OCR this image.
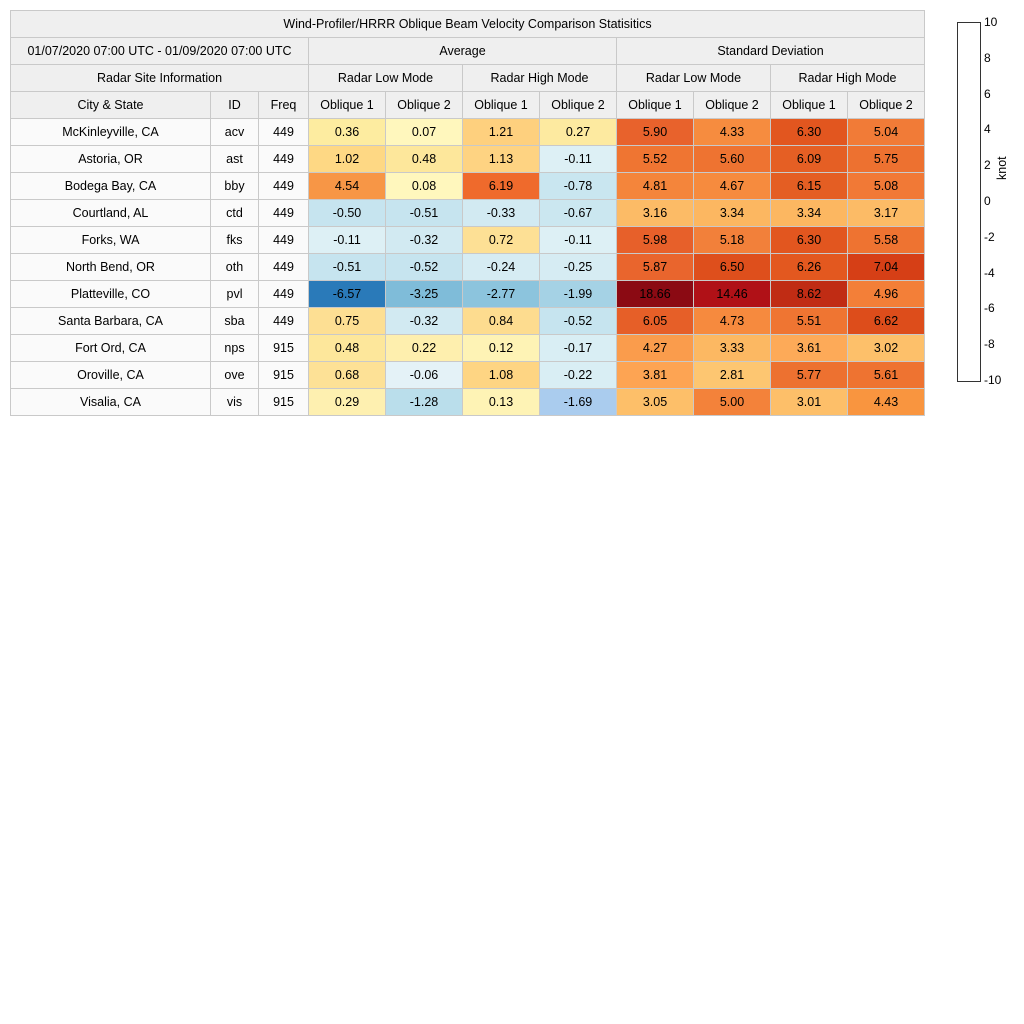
Wind-Profiler/HRRR Oblique Beam Velocity Comparison Statisitics										
01/07/2020 07:00 UTC - 01/09/2020 07:00 UTC			Average				Standard Deviation			
Radar Site Information			Radar Low Mode		Radar High Mode		Radar Low Mode		Radar High Mode	
City & State	ID	Freq	Oblique 1	Oblique 2	Oblique 1	Oblique 2	Oblique 1	Oblique 2	Oblique 1	Oblique 2
McKinleyville, CA	acv	449	0.36	0.07	1.21	0.27	5.90	4.33	6.30	5.04
Astoria, OR	ast	449	1.02	0.48	1.13	-0.11	5.52	5.60	6.09	5.75
Bodega Bay, CA	bby	449	4.54	0.08	6.19	-0.78	4.81	4.67	6.15	5.08
Courtland, AL	ctd	449	-0.50	-0.51	-0.33	-0.67	3.16	3.34	3.34	3.17
Forks, WA	fks	449	-0.11	-0.32	0.72	-0.11	5.98	5.18	6.30	5.58
North Bend, OR	oth	449	-0.51	-0.52	-0.24	-0.25	5.87	6.50	6.26	7.04
Platteville, CO	pvl	449	-6.57	-3.25	-2.77	-1.99	18.66	14.46	8.62	4.96
Santa Barbara, CA	sba	449	0.75	-0.32	0.84	-0.52	6.05	4.73	5.51	6.62
Fort Ord, CA	nps	915	0.48	0.22	0.12	-0.17	4.27	3.33	3.61	3.02
Oroville, CA	ove	915	0.68	-0.06	1.08	-0.22	3.81	2.81	5.77	5.61
Visalia, CA	vis	915	0.29	-1.28	0.13	-1.69	3.05	5.00	3.01	4.43
10
8
6
4
2
0
-2
-4
-6
-8
-10
knot
